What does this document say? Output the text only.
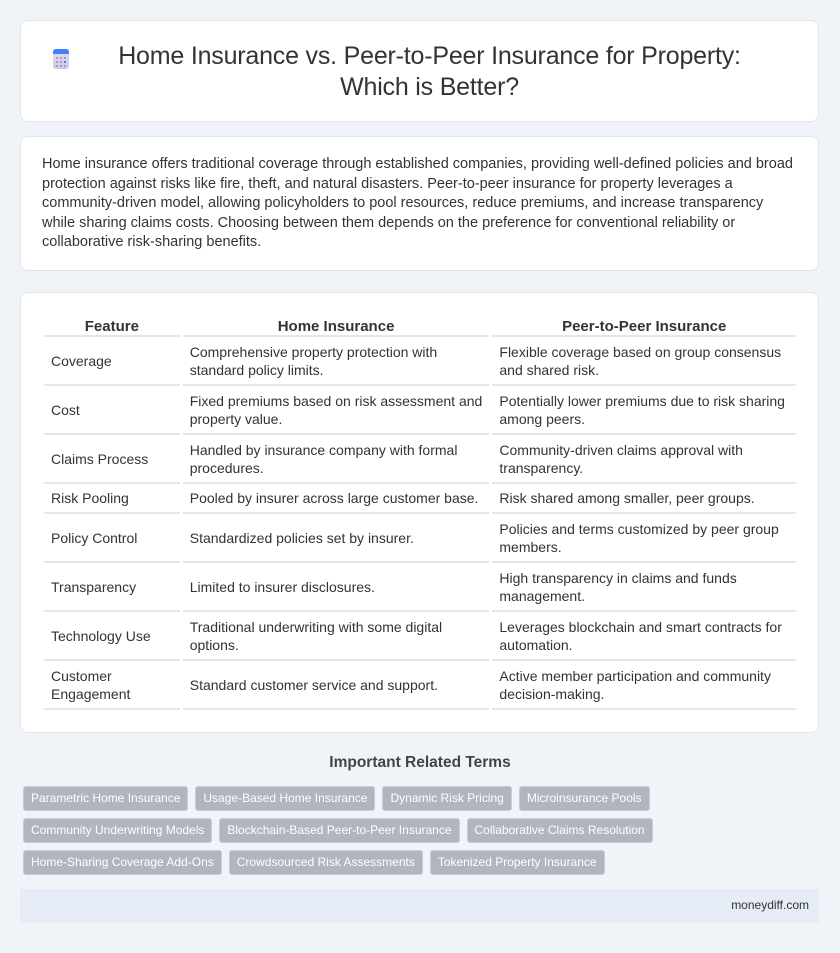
Home Insurance vs. Peer-to-Peer Insurance for Property: Which is Better?

Home insurance offers traditional coverage through established companies, providing well-defined policies and broad protection against risks like fire, theft, and natural disasters. Peer-to-peer insurance for property leverages a community-driven model, allowing policyholders to pool resources, reduce premiums, and increase transparency while sharing claims costs. Choosing between them depends on the preference for conventional reliability or collaborative risk-sharing benefits.

Feature	Home Insurance	Peer-to-Peer Insurance
Coverage	Comprehensive property protection with standard policy limits.	Flexible coverage based on group consensus and shared risk.
Cost	Fixed premiums based on risk assessment and property value.	Potentially lower premiums due to risk sharing among peers.
Claims Process	Handled by insurance company with formal procedures.	Community-driven claims approval with transparency.
Risk Pooling	Pooled by insurer across large customer base.	Risk shared among smaller, peer groups.
Policy Control	Standardized policies set by insurer.	Policies and terms customized by peer group members.
Transparency	Limited to insurer disclosures.	High transparency in claims and funds management.
Technology Use	Traditional underwriting with some digital options.	Leverages blockchain and smart contracts for automation.
Customer Engagement	Standard customer service and support.	Active member participation and community decision-making.
Important Related Terms
Parametric Home Insurance	Usage-Based Home Insurance	Dynamic Risk Pricing	Microinsurance Pools
Community Underwriting Models	Blockchain-Based Peer-to-Peer Insurance	Collaborative Claims Resolution
Home-Sharing Coverage Add-Ons	Crowdsourced Risk Assessments	Tokenized Property Insurance
moneydiff.com
